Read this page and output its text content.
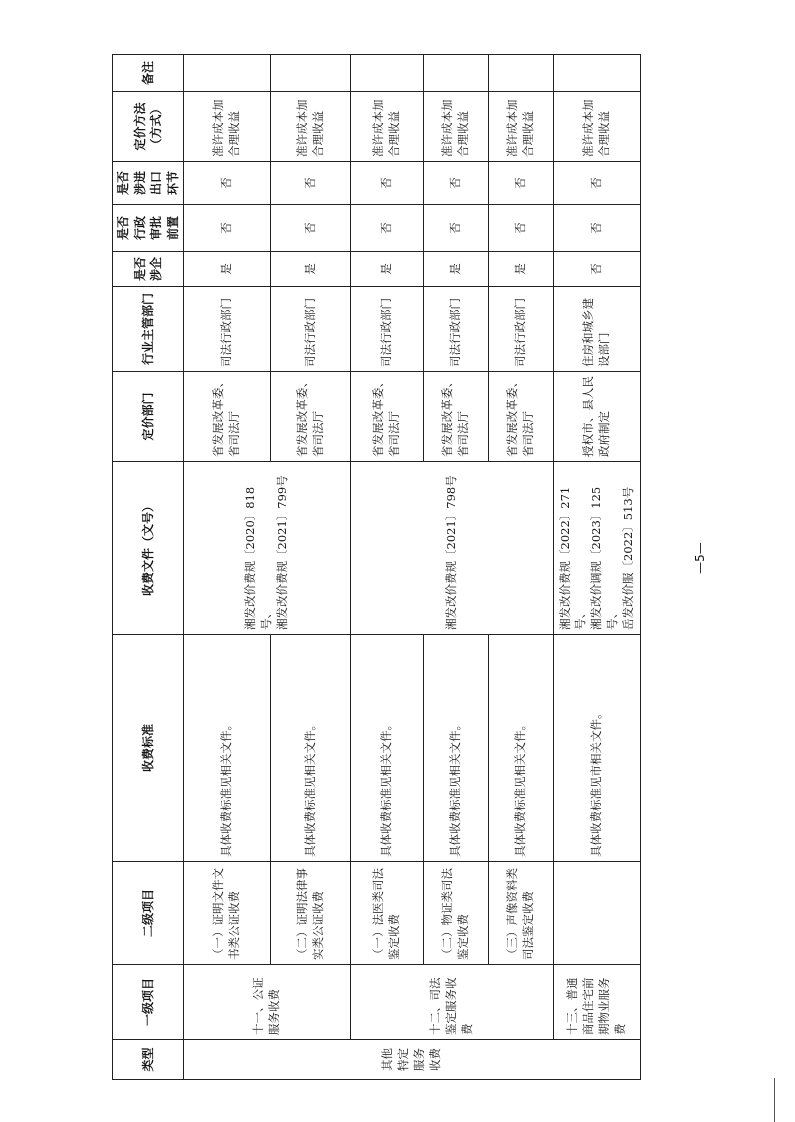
类型	一级项目	二级项目	收费标准	收费文件（文号）	定价部门	行业主管部门	是否涉企	是否 行政 审批 前置	是否 涉进 出口 环节	定价方法 （方式）	备注
其他特定服务收费	十一、公证服务收费	（一）证明文件文书类公证收费	具体收费标准见相关文件。	湘发改价费规〔2020〕818号、 湘发改价费规〔2021〕799号	省发展改革委、省司法厅	司法行政部门	是	否	否	准许成本加合理收益	
		（二）证明法律事实类公证收费	具体收费标准见相关文件。		省发展改革委、省司法厅	司法行政部门	是	否	否	准许成本加合理收益	
	十二、司法鉴定服务收费	（一）法医类司法鉴定收费	具体收费标准见相关文件。	湘发改价费规〔2021〕798号	省发展改革委、省司法厅	司法行政部门	是	否	否	准许成本加合理收益	
		（二）物证类司法鉴定收费	具体收费标准见相关文件。		省发展改革委、省司法厅	司法行政部门	是	否	否	准许成本加合理收益	
		（三）声像资料类司法鉴定收费	具体收费标准见相关文件。		省发展改革委、省司法厅	司法行政部门	是	否	否	准许成本加合理收益	
	十三、普通商品住宅前期物业服务费		具体收费标准见市相关文件。	湘发改价费规〔2022〕271号、 湘发改价调规〔2023〕125号、 岳发改价服〔2022〕513号	授权市、县人民政府制定	住房和城乡建设部门	否	否	否	准许成本加合理收益	
—5—
